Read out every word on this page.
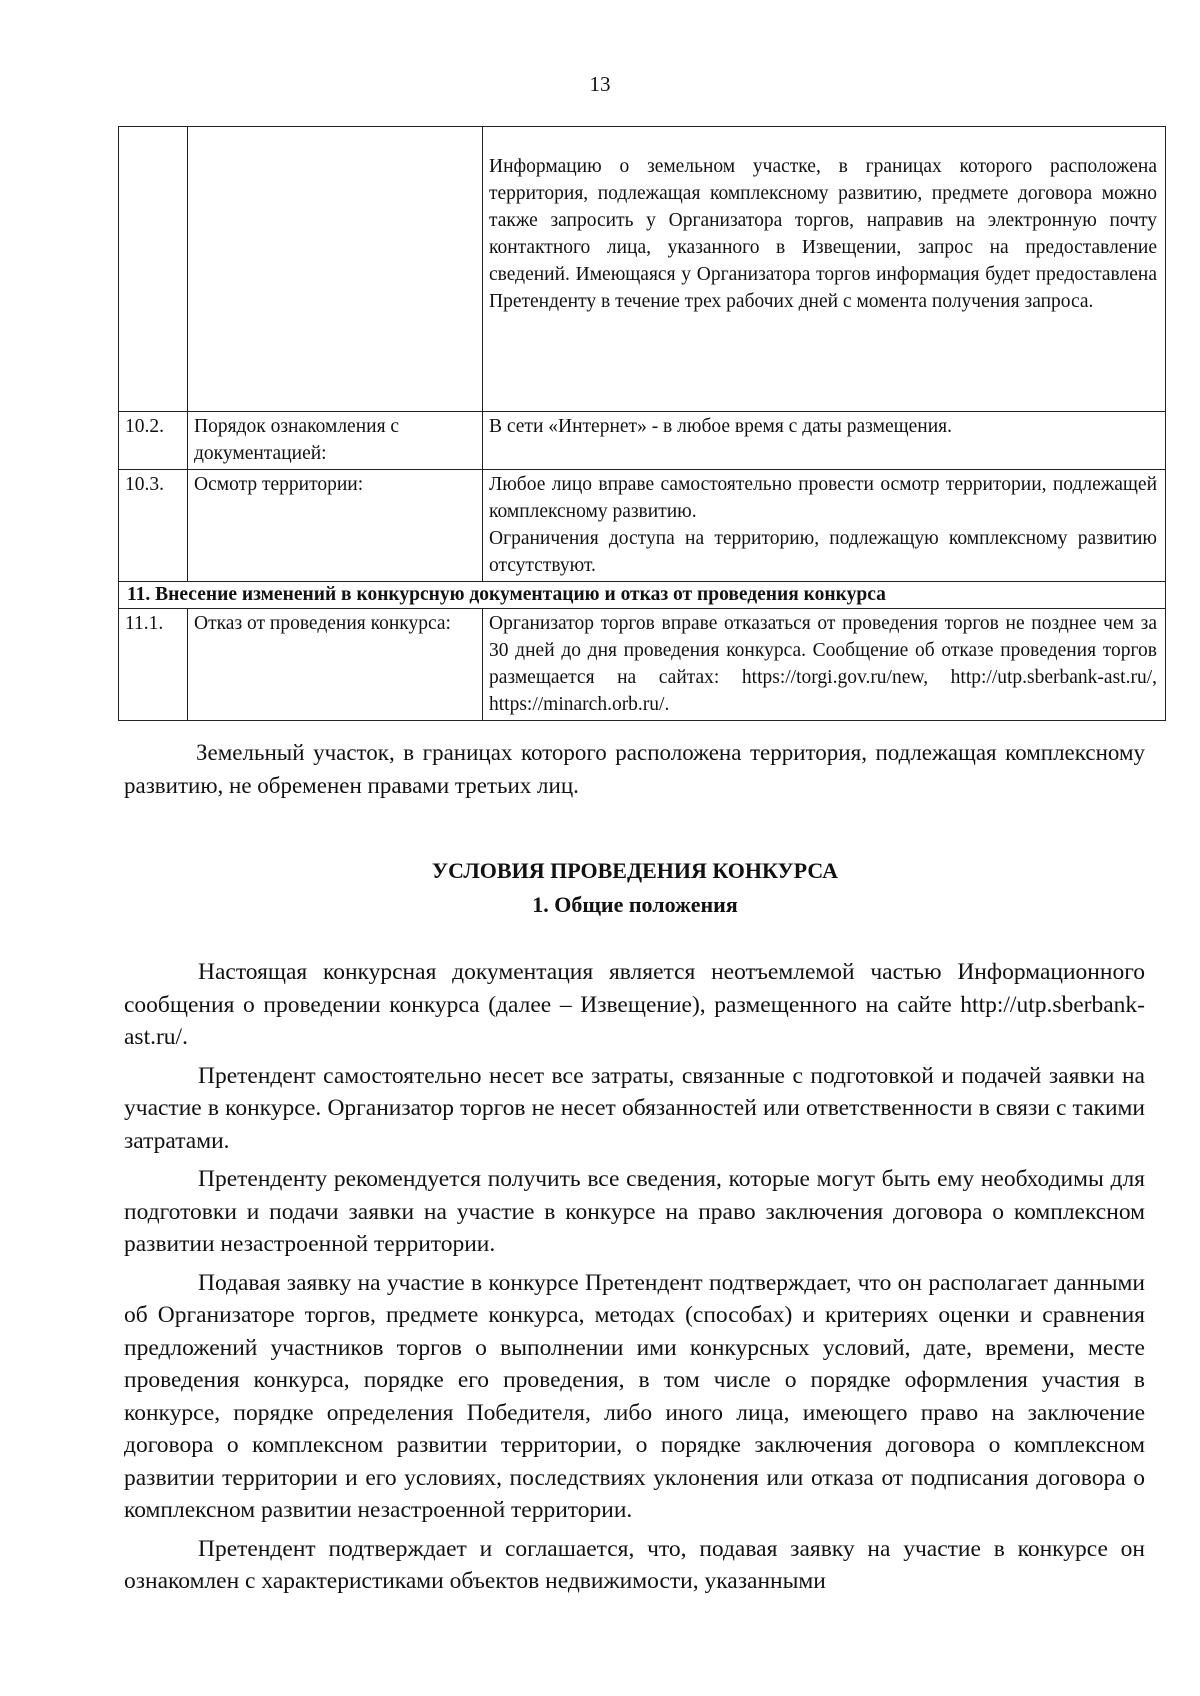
13
		Информацию о земельном участке, в границах которого расположена территория, подлежащая комплексному развитию, предмете договора можно также запросить у Организатора торгов, направив на электронную почту контактного лица, указанного в Извещении, запрос на предоставление сведений. Имеющаяся у Организатора торгов информация будет предоставлена Претенденту в течение трех рабочих дней с момента получения запроса.
10.2.	Порядок ознакомления с документацией:	В сети «Интернет» - в любое время с даты размещения.
10.3.	Осмотр территории:	Любое лицо вправе самостоятельно провести осмотр территории, подлежащей комплексному развитию.

Ограничения доступа на территорию, подлежащую комплексному развитию отсутствуют.

11. Внесение изменений в конкурсную документацию и отказ от проведения конкурса		
11.1.	Отказ от проведения конкурса:	Организатор торгов вправе отказаться от проведения торгов не позднее чем за 30 дней до дня проведения конкурса. Сообщение об отказе проведения торгов размещается на сайтах: https://torgi.gov.ru/new, http://utp.sberbank-ast.ru/, https://minarch.orb.ru/.

Земельный участок, в границах которого расположена территория, подлежащая комплексному развитию, не обременен правами третьих лиц.

УСЛОВИЯ ПРОВЕДЕНИЯ КОНКУРСА

1. Общие положения

Настоящая конкурсная документация является неотъемлемой частью Информационного сообщения о проведении конкурса (далее – Извещение), размещенного на сайте http://utp.sberbank-ast.ru/.

Претендент самостоятельно несет все затраты, связанные с подготовкой и подачей заявки на участие в конкурсе. Организатор торгов не несет обязанностей или ответственности в связи с такими затратами.

Претенденту рекомендуется получить все сведения, которые могут быть ему необходимы для подготовки и подачи заявки на участие в конкурсе на право заключения договора о комплексном развитии незастроенной территории.

Подавая заявку на участие в конкурсе Претендент подтверждает, что он располагает данными об Организаторе торгов, предмете конкурса, методах (способах) и критериях оценки и сравнения предложений участников торгов о выполнении ими конкурсных условий, дате, времени, месте проведения конкурса, порядке его проведения, в том числе о порядке оформления участия в конкурсе, порядке определения Победителя, либо иного лица, имеющего право на заключение договора о комплексном развитии территории, о порядке заключения договора о комплексном развитии территории и его условиях, последствиях уклонения или отказа от подписания договора о комплексном развитии незастроенной территории.

Претендент подтверждает и соглашается, что, подавая заявку на участие в конкурсе он ознакомлен с характеристиками объектов недвижимости, указанными
